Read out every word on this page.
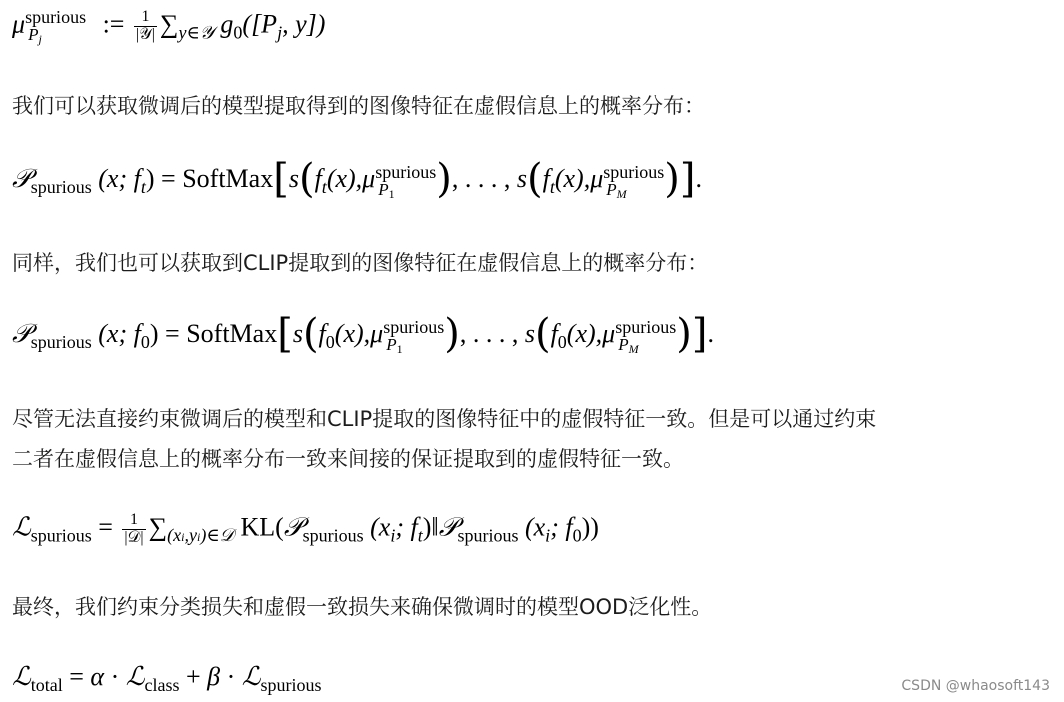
μ spurious
Pj
:= $\frac{1}{\text{|𝒴|}} \sum_{y\in 𝒴}$ $g_0([P_j$, y])
我们可以获取微调后的模型提取得到的图像特征在虚假信息上的概率分布：
𝒫$_{spurious}$ (x; $f_t$) = $SoftMax[s(f_t(x),\mu$ spurious
P1	), . . . , $s(f_t(x),\mu$ spurious
PM )].
同样，我们也可以获取到CLIP提取到的图像特征在虚假信息上的概率分布：
𝒫$_{spurious}$ (x; $f_0$) = $SoftMax[s(f_0(x),\mu$ spurious
P1	), . . . , $s(f_0(x),\mu$ spurious
PM )].
尽管无法直接约束微调后的模型和CLIP提取的图像特征中的虚假特征一致。但是可以通过约束
二者在虚假信息上的概率分布一致来间接的保证提取到的虚假特征一致。
ℒ$_{spurious}$ = $\frac{1}{\text{|𝒟|}} \sum_{(xi,yi)\in 𝒟}$ KL(𝒫$_{spurious}$ ($x_i$; $f_t)‖𝒫_{spurious}$ ($x_i$; $f_0$))
最终，我们约束分类损失和虚假一致损失来确保微调时的模型OOD泛化性。
ℒ$_{total}$ = α · ℒ$_{class}$ + β · ℒ$_{spurious}$	CSDN @whaosoft143
